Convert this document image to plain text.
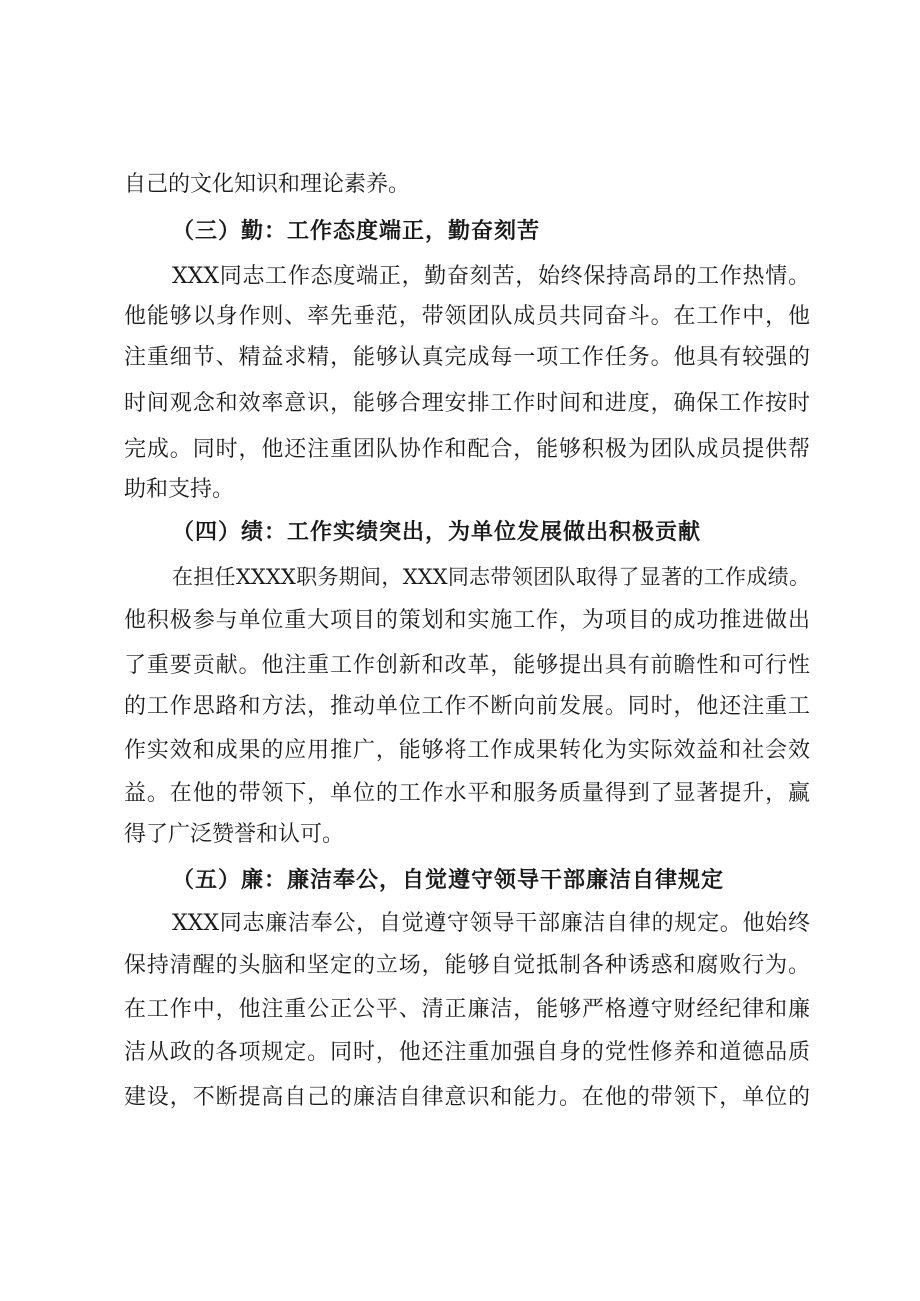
自己的文化知识和理论素养。
（三）勤：工作态度端正，勤奋刻苦
XXX同志工作态度端正，勤奋刻苦，始终保持高昂的工作热情。
他能够以身作则、率先垂范，带领团队成员共同奋斗。在工作中，他
注重细节、精益求精，能够认真完成每一项工作任务。他具有较强的
时间观念和效率意识，能够合理安排工作时间和进度，确保工作按时
完成。同时，他还注重团队协作和配合，能够积极为团队成员提供帮
助和支持。
（四）绩：工作实绩突出，为单位发展做出积极贡献
在担任XXXX职务期间，XXX同志带领团队取得了显著的工作成绩。
他积极参与单位重大项目的策划和实施工作，为项目的成功推进做出
了重要贡献。他注重工作创新和改革，能够提出具有前瞻性和可行性
的工作思路和方法，推动单位工作不断向前发展。同时，他还注重工
作实效和成果的应用推广，能够将工作成果转化为实际效益和社会效
益。在他的带领下，单位的工作水平和服务质量得到了显著提升，赢
得了广泛赞誉和认可。
（五）廉：廉洁奉公，自觉遵守领导干部廉洁自律规定
XXX同志廉洁奉公，自觉遵守领导干部廉洁自律的规定。他始终
保持清醒的头脑和坚定的立场，能够自觉抵制各种诱惑和腐败行为。
在工作中，他注重公正公平、清正廉洁，能够严格遵守财经纪律和廉
洁从政的各项规定。同时，他还注重加强自身的党性修养和道德品质
建设，不断提高自己的廉洁自律意识和能力。在他的带领下，单位的
